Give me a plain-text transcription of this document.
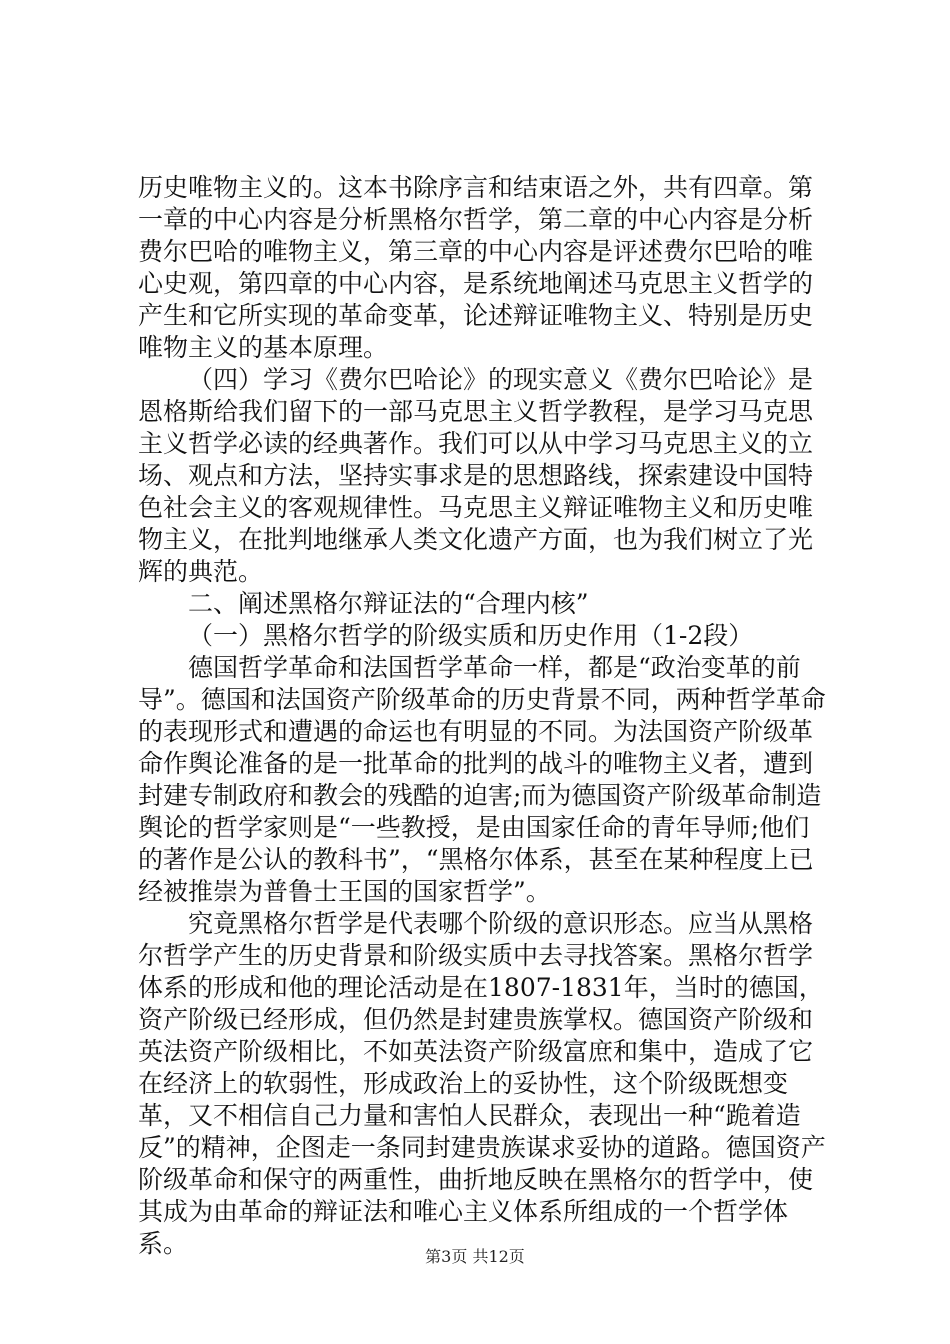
历史唯物主义的。这本书除序言和结束语之外，共有四章。第一章的中心内容是分析黑格尔哲学，第二章的中心内容是分析费尔巴哈的唯物主义，第三章的中心内容是评述费尔巴哈的唯心史观，第四章的中心内容，是系统地阐述马克思主义哲学的产生和它所实现的革命变革，论述辩证唯物主义、特别是历史唯物主义的基本原理。

（四）学习《费尔巴哈论》的现实意义《费尔巴哈论》是恩格斯给我们留下的一部马克思主义哲学教程，是学习马克思主义哲学必读的经典著作。我们可以从中学习马克思主义的立场、观点和方法，坚持实事求是的思想路线，探索建设中国特色社会主义的客观规律性。马克思主义辩证唯物主义和历史唯物主义，在批判地继承人类文化遗产方面，也为我们树立了光辉的典范。

二、阐述黑格尔辩证法的“合理内核”

（一）黑格尔哲学的阶级实质和历史作用（1-2段）

德国哲学革命和法国哲学革命一样，都是“政治变革的前导”。德国和法国资产阶级革命的历史背景不同，两种哲学革命的表现形式和遭遇的命运也有明显的不同。为法国资产阶级革命作舆论准备的是一批革命的批判的战斗的唯物主义者，遭到封建专制政府和教会的残酷的迫害;而为德国资产阶级革命制造舆论的哲学家则是“一些教授，是由国家任命的青年导师;他们的著作是公认的教科书”，“黑格尔体系，甚至在某种程度上已经被推崇为普鲁士王国的国家哲学”。

究竟黑格尔哲学是代表哪个阶级的意识形态。应当从黑格尔哲学产生的历史背景和阶级实质中去寻找答案。黑格尔哲学体系的形成和他的理论活动是在1807-1831年，当时的德国，资产阶级已经形成，但仍然是封建贵族掌权。德国资产阶级和英法资产阶级相比，不如英法资产阶级富庶和集中，造成了它在经济上的软弱性，形成政治上的妥协性，这个阶级既想变革，又不相信自己力量和害怕人民群众，表现出一种“跪着造反”的精神，企图走一条同封建贵族谋求妥协的道路。德国资产阶级革命和保守的两重性，曲折地反映在黑格尔的哲学中，使其成为由革命的辩证法和唯心主义体系所组成的一个哲学体系。	第3页 共12页
